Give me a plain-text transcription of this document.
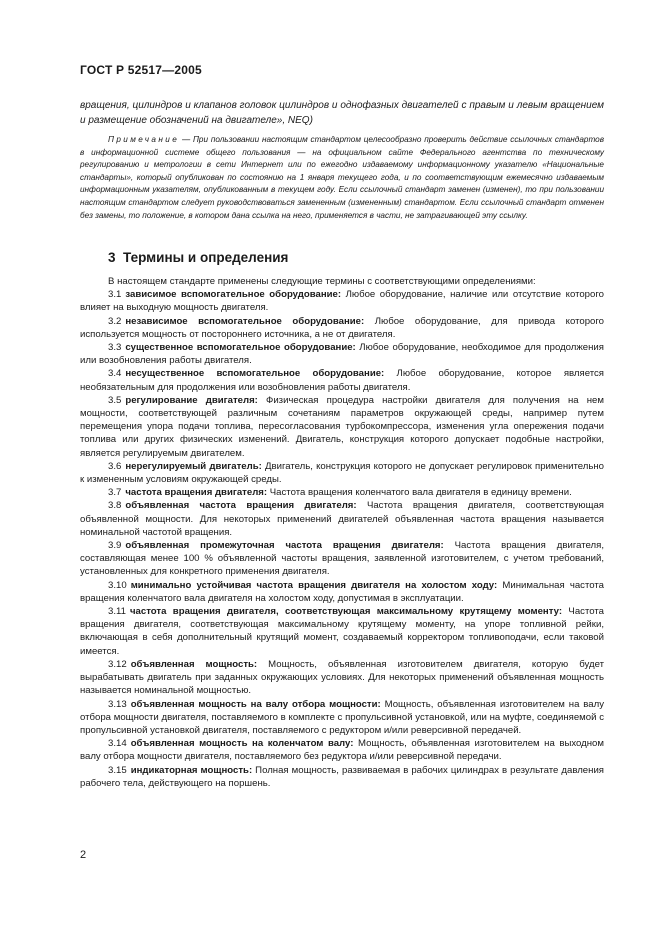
ГОСТ Р 52517—2005
вращения, цилиндров и клапанов головок цилиндров и однофазных двигателей с правым и левым вращением и размещение обозначений на двигателе», NEQ)
Примечание — При пользовании настоящим стандартом целесообразно проверить действие ссылочных стандартов в информационной системе общего пользования — на официальном сайте Федерального агентства по техническому регулированию и метрологии в сети Интернет или по ежегодно издаваемому информационному указателю «Национальные стандарты», который опубликован по состоянию на 1 января текущего года, и по соответствующим ежемесячно издаваемым информационным указателям, опубликованным в текущем году. Если ссылочный стандарт заменен (изменен), то при пользовании настоящим стандартом следует руководствоваться замененным (измененным) стандартом. Если ссылочный стандарт отменен без замены, то положение, в котором дана ссылка на него, применяется в части, не затрагивающей эту ссылку.
3 Термины и определения

В настоящем стандарте применены следующие термины с соответствующими определениями:

3.1 зависимое вспомогательное оборудование: Любое оборудование, наличие или отсутствие которого влияет на выходную мощность двигателя.

3.2 независимое вспомогательное оборудование: Любое оборудование, для привода которого используется мощность от постороннего источника, а не от двигателя.

3.3 существенное вспомогательное оборудование: Любое оборудование, необходимое для продолжения или возобновления работы двигателя.

3.4 несущественное вспомогательное оборудование: Любое оборудование, которое является необязательным для продолжения или возобновления работы двигателя.

3.5 регулирование двигателя: Физическая процедура настройки двигателя для получения на нем мощности, соответствующей различным сочетаниям параметров окружающей среды, например путем перемещения упора подачи топлива, пересогласования турбокомпрессора, изменения угла опережения подачи топлива или других физических изменений. Двигатель, конструкция которого допускает подобные настройки, является регулируемым двигателем.

3.6 нерегулируемый двигатель: Двигатель, конструкция которого не допускает регулировок применительно к измененным условиям окружающей среды.

3.7 частота вращения двигателя: Частота вращения коленчатого вала двигателя в единицу времени.

3.8 объявленная частота вращения двигателя: Частота вращения двигателя, соответствующая объявленной мощности. Для некоторых применений двигателей объявленная частота вращения называется номинальной частотой вращения.

3.9 объявленная промежуточная частота вращения двигателя: Частота вращения двигателя, составляющая менее 100 % объявленной частоты вращения, заявленной изготовителем, с учетом требований, установленных для конкретного применения двигателя.

3.10 минимально устойчивая частота вращения двигателя на холостом ходу: Минимальная частота вращения коленчатого вала двигателя на холостом ходу, допустимая в эксплуатации.

3.11 частота вращения двигателя, соответствующая максимальному крутящему моменту: Частота вращения двигателя, соответствующая максимальному крутящему моменту, на упоре топливной рейки, включающая в себя дополнительный крутящий момент, создаваемый корректором топливоподачи, если таковой имеется.

3.12 объявленная мощность: Мощность, объявленная изготовителем двигателя, которую будет вырабатывать двигатель при заданных окружающих условиях. Для некоторых применений объявленная мощность называется номинальной мощностью.

3.13 объявленная мощность на валу отбора мощности: Мощность, объявленная изготовителем на валу отбора мощности двигателя, поставляемого в комплекте с пропульсивной установкой, или на муфте, соединяемой с пропульсивной установкой двигателя, поставляемого с редуктором и/или реверсивной передачей.

3.14 объявленная мощность на коленчатом валу: Мощность, объявленная изготовителем на выходном валу отбора мощности двигателя, поставляемого без редуктора и/или реверсивной передачи.

3.15 индикаторная мощность: Полная мощность, развиваемая в рабочих цилиндрах в результате давления рабочего тела, действующего на поршень.

2
